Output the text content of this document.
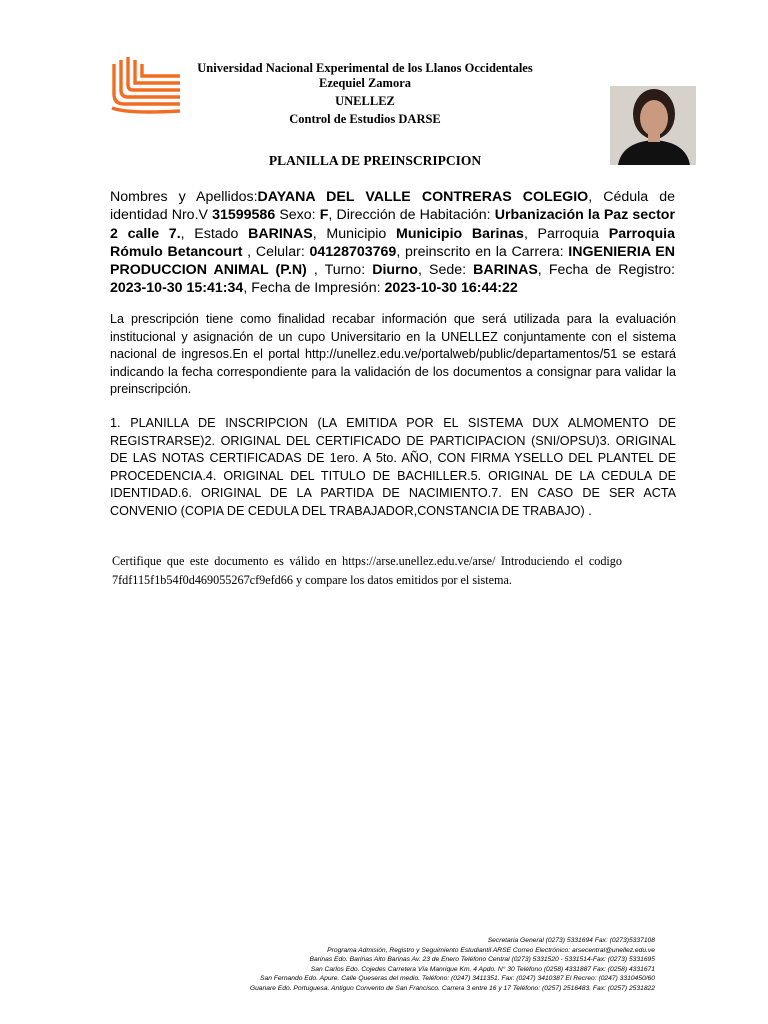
Universidad Nacional Experimental de los Llanos Occidentales
Ezequiel Zamora
UNELLEZ
Control de Estudios DARSE
PLANILLA DE PREINSCRIPCION
Nombres y Apellidos:DAYANA DEL VALLE CONTRERAS COLEGIO, Cédula de identidad Nro.V 31599586 Sexo: F, Dirección de Habitación: Urbanización la Paz sector 2 calle 7., Estado BARINAS, Municipio Municipio Barinas, Parroquia Parroquia Rómulo Betancourt , Celular: 04128703769, preinscrito en la Carrera: INGENIERIA EN PRODUCCION ANIMAL (P.N) , Turno: Diurno, Sede: BARINAS, Fecha de Registro: 2023-10-30 15:41:34, Fecha de Impresión: 2023-10-30 16:44:22
La prescripción tiene como finalidad recabar información que será utilizada para la evaluación institucional y asignación de un cupo Universitario en la UNELLEZ conjuntamente con el sistema nacional de ingresos.En el portal http://unellez.edu.ve/portalweb/public/departamentos/51 se estará indicando la fecha correspondiente para la validación de los documentos a consignar para validar la preinscripción.
1. PLANILLA DE INSCRIPCION (LA EMITIDA POR EL SISTEMA DUX ALMOMENTO DE REGISTRARSE)2. ORIGINAL DEL CERTIFICADO DE PARTICIPACION (SNI/OPSU)3. ORIGINAL DE LAS NOTAS CERTIFICADAS DE 1ero. A 5to. AÑO, CON FIRMA YSELLO DEL PLANTEL DE PROCEDENCIA.4. ORIGINAL DEL TITULO DE BACHILLER.5. ORIGINAL DE LA CEDULA DE IDENTIDAD.6. ORIGINAL DE LA PARTIDA DE NACIMIENTO.7. EN CASO DE SER ACTA CONVENIO (COPIA DE CEDULA DEL TRABAJADOR,CONSTANCIA DE TRABAJO) .
Certifique que este documento es válido en https://arse.unellez.edu.ve/arse/ Introduciendo el codigo 7fdf115f1b54f0d469055267cf9efd66 y compare los datos emitidos por el sistema.
Secretaria General (0273) 5331694 Fax: (0273)5337108
Programa Admisión, Registro y Seguimiento Estudiantil ARSE Correo Electrónico: arsecentral@unellez.edu.ve
Barinas Edo. Barinas Alto Barinas Av. 23 de Enero Teléfono Central (0273) 5331520 - 5331514-Fax: (0273) 5331695
San Carlos Edo. Cojedes Carretera Vía Manrique Km. 4 Apdo. N° 30 Teléfono (0258) 4331887 Fax: (0258) 4331671
San Fernando Edo. Apure. Calle Queseras del medio. Teléfono: (0247) 3411351. Fax: (0247) 3410387 El Recreo: (0247) 3310450/60
Guanare Edo. Portuguesa. Antiguo Convento de San Francisco. Carrera 3 entre 16 y 17 Teléfono: (0257) 2516483. Fax: (0257) 2531822
